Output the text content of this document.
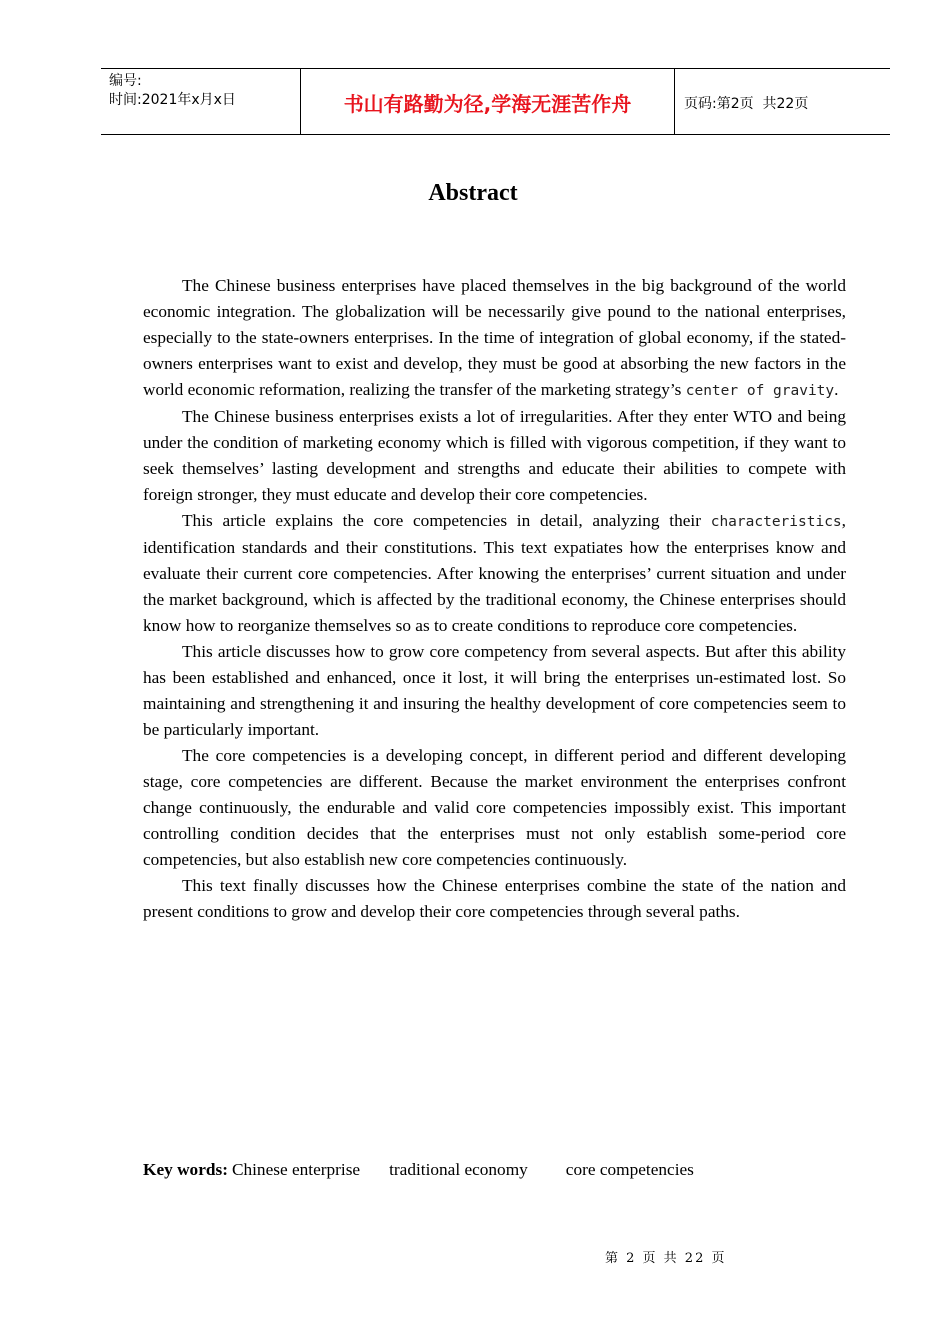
编号:
时间:2021年x月x日	书山有路勤为径,学海无涯苦作舟	页码:第2页  共22页
Abstract

The Chinese business enterprises have placed themselves in the big background of the world economic integration. The globalization will be necessarily give pound to the national enterprises, especially to the state-owners enterprises. In the time of integration of global economy, if the stated-owners enterprises want to exist and develop, they must be good at absorbing the new factors in the world economic reformation, realizing the transfer of the marketing strategy’s center of gravity.

The Chinese business enterprises exists a lot of irregularities. After they enter WTO and being under the condition of marketing economy which is filled with vigorous competition, if they want to seek themselves’ lasting development and strengths and educate their abilities to compete with foreign stronger, they must educate and develop their core competencies.

This article explains the core competencies in detail, analyzing their characteristics, identification standards and their constitutions. This text expatiates how the enterprises know and evaluate their current core competencies. After knowing the enterprises’ current situation and under the market background, which is affected by the traditional economy, the Chinese enterprises should know how to reorganize themselves so as to create conditions to reproduce core competencies.

This article discusses how to grow core competency from several aspects. But after this ability has been established and enhanced, once it lost, it will bring the enterprises un-estimated lost. So maintaining and strengthening it and insuring the healthy development of core competencies seem to be particularly important.

The core competencies is a developing concept, in different period and different developing stage, core competencies are different. Because the market environment the enterprises confront change continuously, the endurable and valid core competencies impossibly exist. This important controlling condition decides that the enterprises must not only establish some-period core competencies, but also establish new core competencies continuously.

This text finally discusses how the Chinese enterprises combine the state of the nation and present conditions to grow and develop their core competencies through several paths.

Key words: Chinese enterprise traditional economy core competencies
第 2 页 共 22 页
